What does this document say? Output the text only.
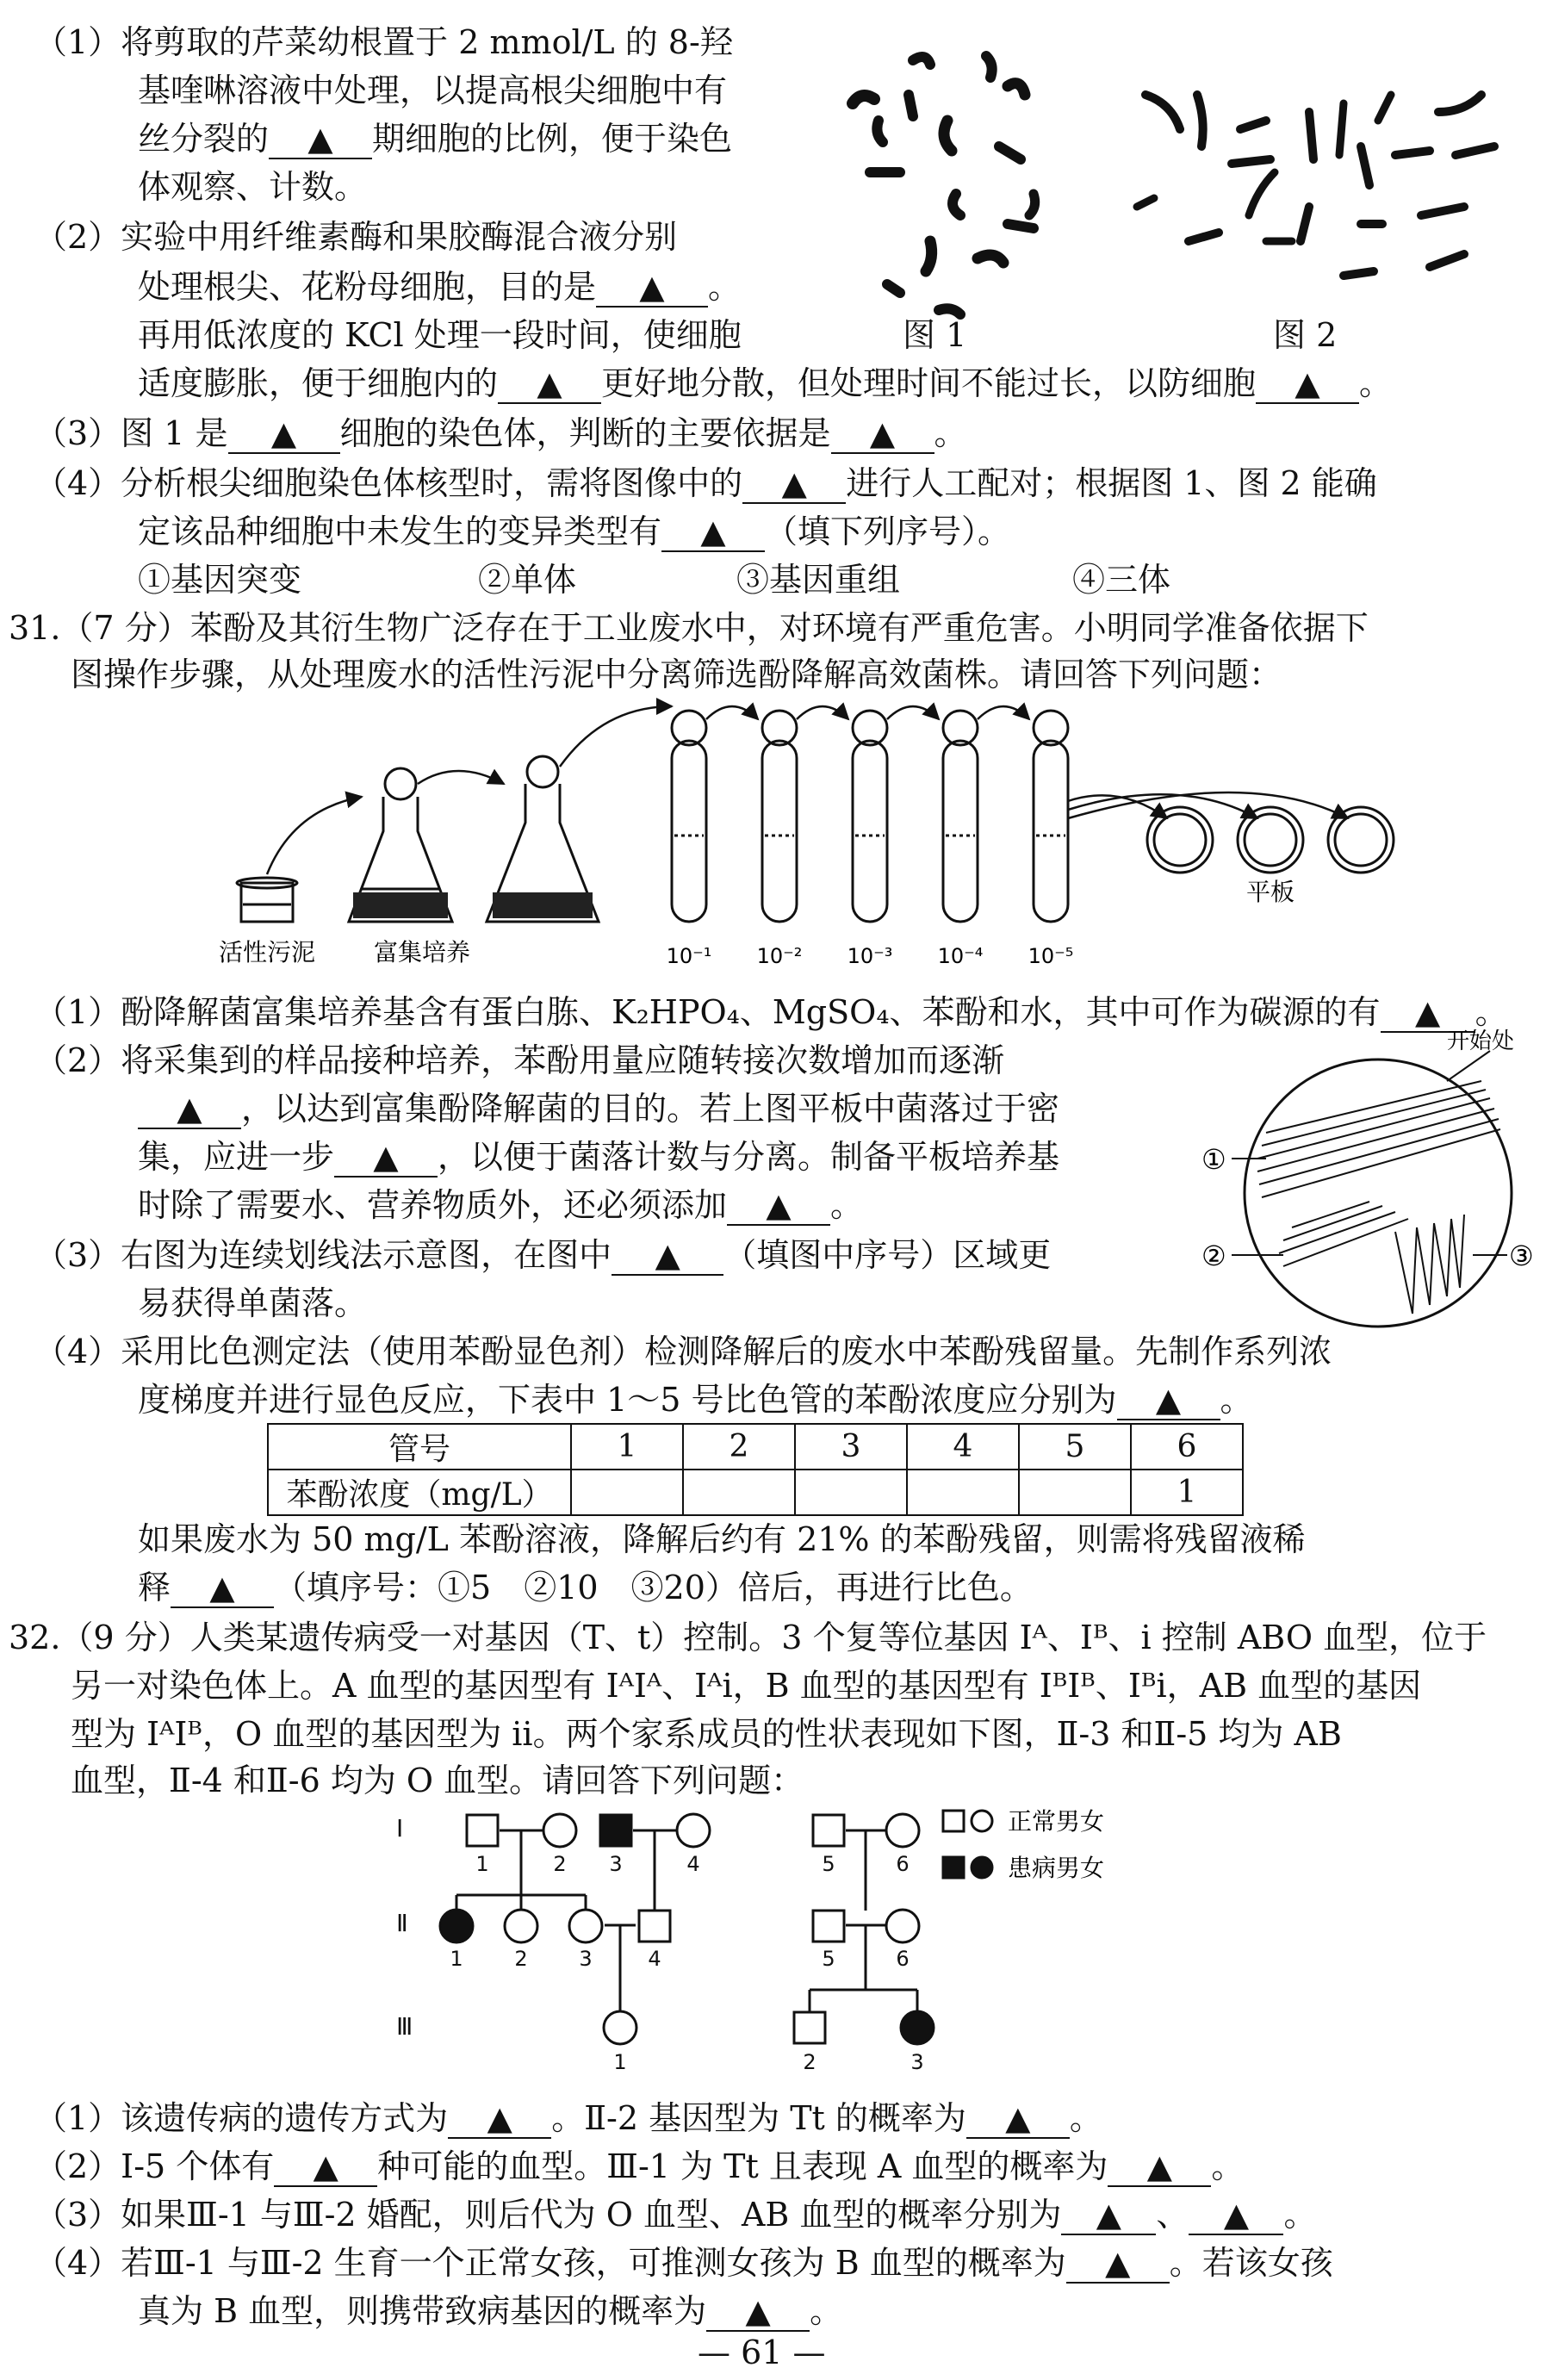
（1）将剪取的芹菜幼根置于 2 mmol/L 的 8-羟
基喹啉溶液中处理，以提高根尖细胞中有
丝分裂的 ▲ 期细胞的比例，便于染色
体观察、计数。
（2）实验中用纤维素酶和果胶酶混合液分别
处理根尖、花粉母细胞，目的是 ▲ 。
再用低浓度的 KCl 处理一段时间，使细胞
适度膨胀，便于细胞内的 ▲ 更好地分散，但处理时间不能过长，以防细胞 ▲ 。
（3）图 1 是 ▲ 细胞的染色体，判断的主要依据是 ▲ 。
（4）分析根尖细胞染色体核型时，需将图像中的 ▲ 进行人工配对；根据图 1、图 2 能确
定该品种细胞中未发生的变异类型有 ▲ （填下列序号）。
①基因突变	②单体	③基因重组	④三体
图 1	图 2
31.（7 分）苯酚及其衍生物广泛存在于工业废水中，对环境有严重危害。小明同学准备依据下
图操作步骤，从处理废水的活性污泥中分离筛选酚降解高效菌株。请回答下列问题：
活性污泥 富集培养
平板
10⁻¹ 10⁻² 10⁻³ 10⁻⁴ 10⁻⁵
（1）酚降解菌富集培养基含有蛋白胨、K₂HPO₄、MgSO₄、苯酚和水，其中可作为碳源的有 ▲ 。
（2）将采集到的样品接种培养，苯酚用量应随转接次数增加而逐渐
▲ ，以达到富集酚降解菌的目的。若上图平板中菌落过于密
集，应进一步 ▲ ，以便于菌落计数与分离。制备平板培养基
时除了需要水、营养物质外，还必须添加 ▲ 。
（3）右图为连续划线法示意图，在图中 ▲ （填图中序号）区域更
易获得单菌落。
开始处
①
②	③
（4）采用比色测定法（使用苯酚显色剂）检测降解后的废水中苯酚残留量。先制作系列浓
度梯度并进行显色反应，下表中 1～5 号比色管的苯酚浓度应分别为 ▲ 。
管号	1	2	3	4	5	6
苯酚浓度（mg/L）						1
如果废水为 50 mg/L 苯酚溶液，降解后约有 21% 的苯酚残留，则需将残留液稀
释 ▲ （填序号：①5　②10　③20）倍后，再进行比色。
32.（9 分）人类某遗传病受一对基因（T、t）控制。3 个复等位基因 Iᴬ、Iᴮ、i 控制 ABO 血型，位于
另一对染色体上。A 血型的基因型有 IᴬIᴬ、Iᴬi，B 血型的基因型有 IᴮIᴮ、Iᴮi，AB 血型的基因
型为 IᴬIᴮ，O 血型的基因型为 ii。两个家系成员的性状表现如下图，Ⅱ-3 和Ⅱ-5 均为 AB
血型，Ⅱ-4 和Ⅱ-6 均为 O 血型。请回答下列问题：
Ⅰ
Ⅱ
Ⅲ
1	2 3	4	5	6
1 2 3	4	5	6
1	2	3
正常男女
患病男女
（1）该遗传病的遗传方式为 ▲ 。Ⅱ-2 基因型为 Tt 的概率为 ▲ 。
（2）Ⅰ-5 个体有 ▲ 种可能的血型。Ⅲ-1 为 Tt 且表现 A 血型的概率为 ▲ 。
（3）如果Ⅲ-1 与Ⅲ-2 婚配，则后代为 O 血型、AB 血型的概率分别为 ▲ 、 ▲ 。
（4）若Ⅲ-1 与Ⅲ-2 生育一个正常女孩，可推测女孩为 B 血型的概率为 ▲ 。若该女孩
真为 B 血型，则携带致病基因的概率为 ▲ 。
— 61 —
